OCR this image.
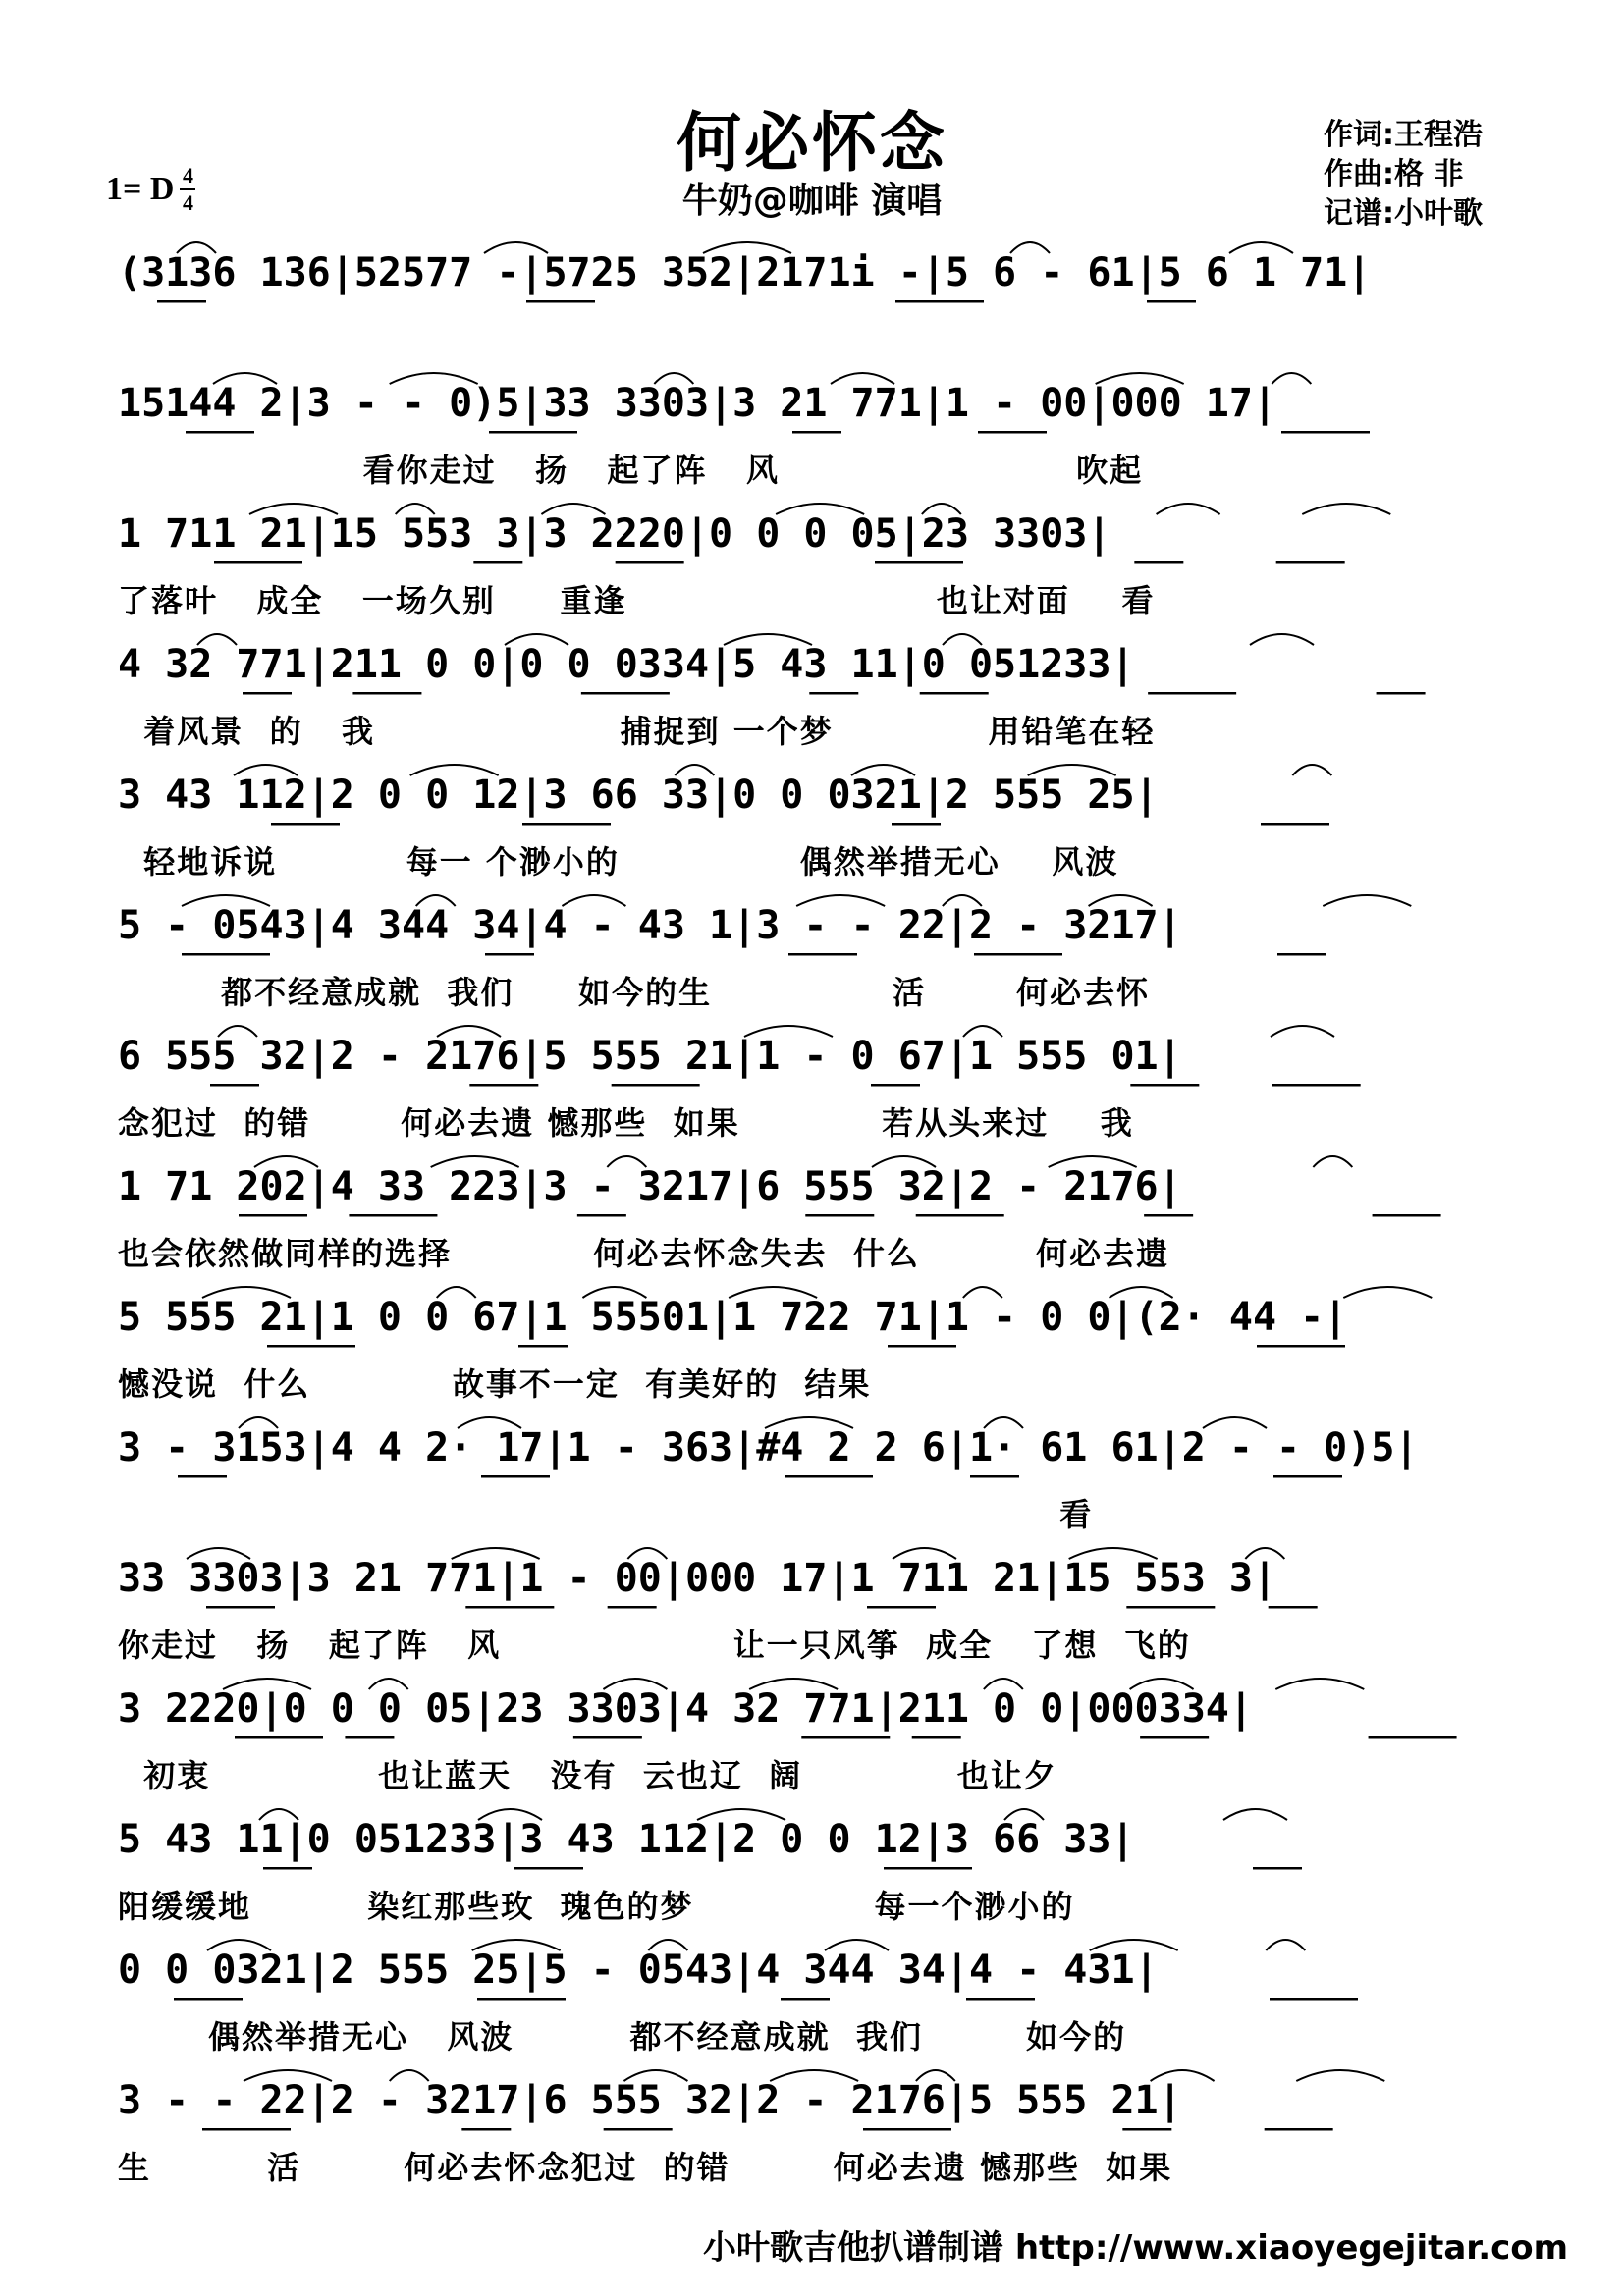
何必怀念
牛奶@咖啡 演唱
1= D 4
4
作词:王程浩
作曲:格 非
记谱:小叶歌
(3136 136|52577 -|5725 352|2171i -|5 6 - 61|5 6 1 71|
15144 2|3 - - 0)5|33 3303|3 21 771|1 - 00|000 17|
看你走过   扬   起了阵   风                       吹起
1 711 21|15 553 3|3 2220|0 0 0 05|23 3303|
了落叶   成全   一场久别     重逢                        也让对面    看
4 32 771|211 0 0|0 0 0334|5 43 11|0 051233|
着风景  的   我                   捕捉到 一个梦            用铅笔在轻
3 43 112|2 0 0 12|3 66 33|0 0 0321|2 555 25|
轻地诉说          每一 个渺小的              偶然举措无心    风波
5 - 0543|4 344 34|4 - 43 1|3 - - 22|2 - 3217|
都不经意成就  我们     如今的生              活       何必去怀
6 555 32|2 - 2176|5 555 21|1 - 0 67|1 555 01|
念犯过  的错       何必去遗 憾那些  如果           若从头来过    我
1 71 202|4 33 223|3 - 3217|6 555 32|2 - 2176|
也会依然做同样的选择           何必去怀念失去  什么         何必去遗
5 555 21|1 0 0 67|1 55501|1 722 71|1 - 0 0|(2· 44 -|
憾没说  什么           故事不一定  有美好的  结果
3 - 3153|4 4 2· 17|1 - 363|#4 2 2 6|1· 61 61|2 - - 0)5|
看
33 3303|3 21 771|1 - 00|000 17|1 711 21|15 553 3|
你走过   扬   起了阵   风                  让一只风筝  成全   了想  飞的
3 2220|0 0 0 05|23 3303|4 32 771|211 0 0|000334|
初衷             也让蓝天   没有  云也辽  阔            也让夕
5 43 11|0 051233|3 43 112|2 0 0 12|3 66 33|
阳缓缓地         染红那些玫  瑰色的梦              每一个渺小的
0 0 0321|2 555 25|5 - 0543|4 344 34|4 - 431|
偶然举措无心   风波         都不经意成就  我们        如今的
3 - - 22|2 - 3217|6 555 32|2 - 2176|5 555 21|
生         活        何必去怀念犯过  的错        何必去遗 憾那些  如果
小叶歌吉他扒谱制谱 http://www.xiaoyegejitar.com
